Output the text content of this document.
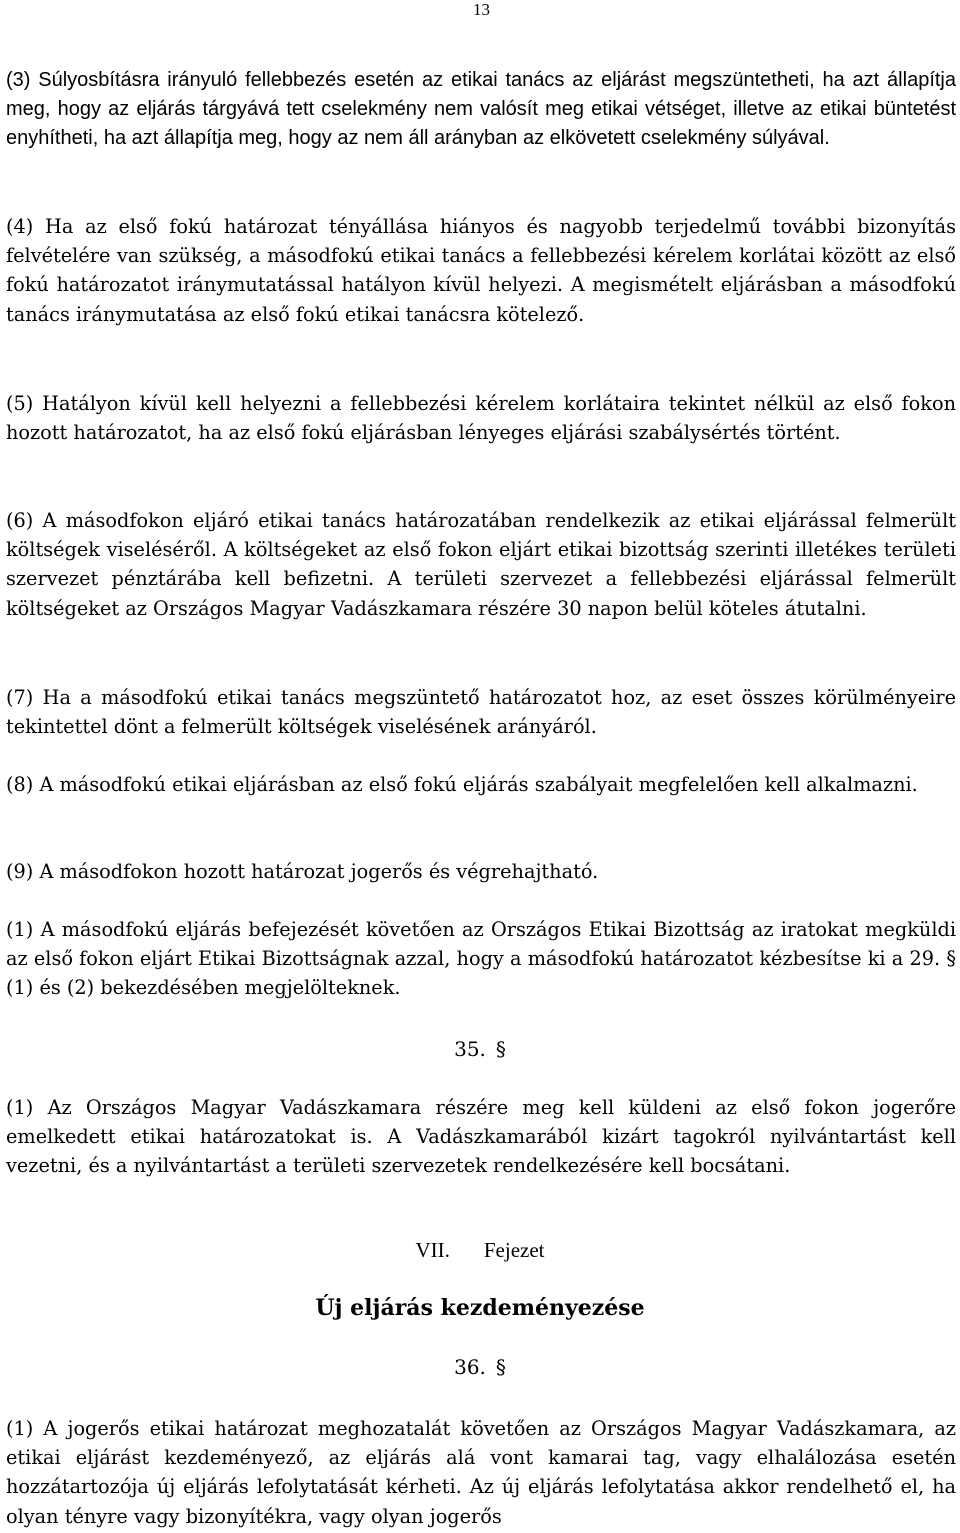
13

(3) Súlyosbításra irányuló fellebbezés esetén az etikai tanács az eljárást megszüntetheti, ha azt állapítja meg, hogy az eljárás tárgyává tett cselekmény nem valósít meg etikai vétséget, illetve az etikai büntetést enyhítheti, ha azt állapítja meg, hogy az nem áll arányban az elkövetett cselekmény súlyával.

(4) Ha az első fokú határozat tényállása hiányos és nagyobb terjedelmű további bizonyítás felvételére van szükség, a másodfokú etikai tanács a fellebbezési kérelem korlátai között az első fokú határozatot iránymutatással hatályon kívül helyezi. A megismételt eljárásban a másodfokú tanács iránymutatása az első fokú etikai tanácsra kötelező.

(5) Hatályon kívül kell helyezni a fellebbezési kérelem korlátaira tekintet nélkül az első fokon hozott határozatot, ha az első fokú eljárásban lényeges eljárási szabálysértés történt.

(6) A másodfokon eljáró etikai tanács határozatában rendelkezik az etikai eljárással felmerült költségek viseléséről. A költségeket az első fokon eljárt etikai bizottság szerinti illetékes területi szervezet pénztárába kell befizetni. A területi szervezet a fellebbezési eljárással felmerült költségeket az Országos Magyar Vadászkamara részére 30 napon belül köteles átutalni.

(7) Ha a másodfokú etikai tanács megszüntető határozatot hoz, az eset összes körülményeire tekintettel dönt a felmerült költségek viselésének arányáról.

(8) A másodfokú etikai eljárásban az első fokú eljárás szabályait megfelelően kell alkalmazni.

(9) A másodfokon hozott határozat jogerős és végrehajtható.

(1) A másodfokú eljárás befejezését követően az Országos Etikai Bizottság az iratokat megküldi az első fokon eljárt Etikai Bizottságnak azzal, hogy a másodfokú határozatot kézbesítse ki a 29. § (1) és (2) bekezdésében megjelölteknek.

35. §

(1) Az Országos Magyar Vadászkamara részére meg kell küldeni az első fokon jogerőre emelkedett etikai határozatokat is. A Vadászkamarából kizárt tagokról nyilvántartást kell vezetni, és a nyilvántartást a területi szervezetek rendelkezésére kell bocsátani.

VII. Fejezet
Új eljárás kezdeményezése
36. §

(1) A jogerős etikai határozat meghozatalát követően az Országos Magyar Vadászkamara, az etikai eljárást kezdeményező, az eljárás alá vont kamarai tag, vagy elhalálozása esetén hozzátartozója új eljárás lefolytatását kérheti. Az új eljárás lefolytatása akkor rendelhető el, ha olyan tényre vagy bizonyítékra, vagy olyan jogerős
